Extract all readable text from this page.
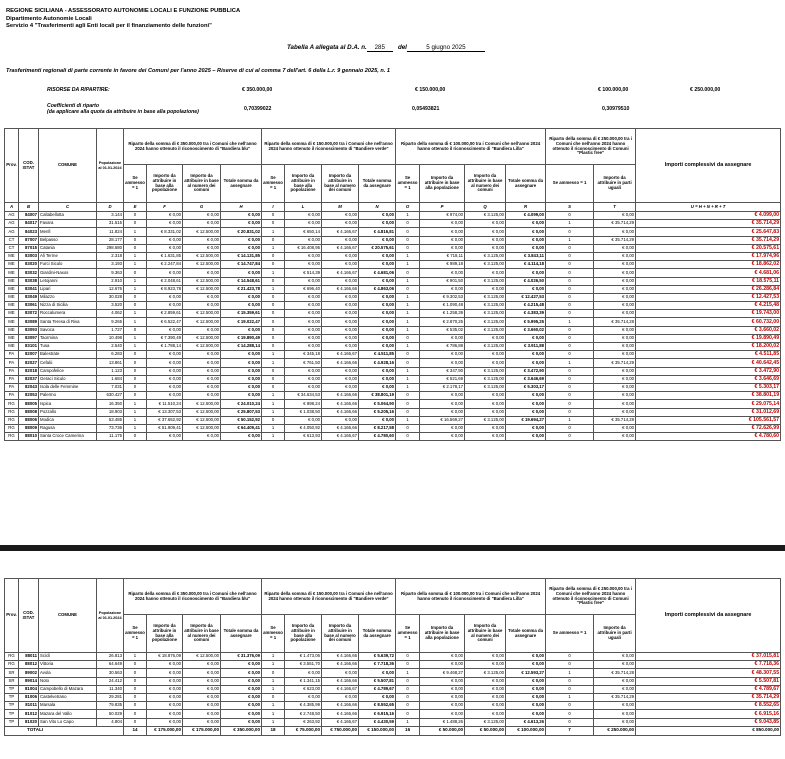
REGIONE SICILIANA - ASSESSORATO AUTONOMIE LOCALI E FUNZIONE PUBBLICA
Dipartimento Autonomie Locali
Servizio 4 "Trasferimenti agli Enti locali per il finanziamento delle funzioni"
Tabella A allegata al D.A. n. 285 del	5 giugno 2025
Trasferimenti regionali di parte corrente in favore dei Comuni per l'anno 2025 – Riserve di cui al comma 7 dell'art. 6 della L.r. 9 gennaio 2025, n. 1
RISORSE DA RIPARTIRE:	€ 350.000,00	€ 150.000,00	€ 100.000,00	€ 250.000,00
Coefficienti di riparto
(da applicare alla quota da attribuire in base alla popolazione)
0,70399022	0,05493821	0,30979510
Prov.	COD. ISTAT	COMUNE	Popolazione al 01.01.2024	Riparto della somma di € 350.000,00 tra i Comuni che nell'anno 2024 hanno ottenuto il riconoscimento di "Bandiera blu"				Riparto della somma di € 150.000,00 tra i Comuni che nell'anno 2024 hanno ottenuto il riconoscimento di "Bandiere verde"				Riparto della somma di € 100.000,00 tra i Comuni che nell'anno 2024 hanno ottenuto il riconoscimento di "Bandiera Lilla"				Riparto della somma di € 250.000,00 tra i Comuni che nell'anno 2024 hanno ottenuto il riconoscimento di Comuni "Plastic free"		Importi complessivi da assegnare
				Se ammesso = 1	Importo da attribuire in base alla popolazione	Importo da attribuire in base al numero dei comuni	Totale somma da assegnare	Se ammesso = 1	Importo da attribuire in base alla popolazione	Importo da attribuire in base al numero dei comuni	Totale somma da assegnare	Se ammesso = 1	Importo da attribuire in base alla popolazione	Importo da attribuire in base al numero dei comuni	Totale somma da assegnare	Se ammesso = 1	Importo da attribuire in parti uguali	
A	B	C	D	E	F	G	H	I	L	M	N	O	P	Q	R	S	T	U = H + N + R + T
AG	84007	Caltabellotta	3.144	0	€ 0,00	€ 0,00	€ 0,00	0	€ 0,00	€ 0,00	€ 0,00	1	€ 974,00	€ 3.125,00	€ 4.099,00	0	€ 0,00	€ 4.099,00
AG	84017	Favara	31.515	0	€ 0,00	€ 0,00	€ 0,00	0	€ 0,00	€ 0,00	€ 0,00	0	€ 0,00	€ 0,00	€ 0,00	1	€ 35.714,29	€ 35.714,29
AG	84023	Menfi	11.824	1	€ 8.331,02	€ 12.500,00	€ 20.831,02	1	€ 650,14	€ 4.166,67	€ 4.816,81	0	€ 0,00	€ 0,00	€ 0,00	0	€ 0,00	€ 25.647,83
CT	87007	Belpasso	28.177	0	€ 0,00	€ 0,00	€ 0,00	0	€ 0,00	€ 0,00	€ 0,00	0	€ 0,00	€ 0,00	€ 0,00	1	€ 35.714,29	€ 35.714,29
CT	87015	Catania	298.680	0	€ 0,00	€ 0,00	€ 0,00	1	€ 16.408,95	€ 4.166,67	€ 20.575,61	0	€ 0,00	€ 0,00	€ 0,00	0	€ 0,00	€ 20.575,61
ME	83003	Ali Terme	2.318	1	€ 1.631,85	€ 12.500,00	€ 14.131,85	0	€ 0,00	€ 0,00	€ 0,00	1	€ 718,11	€ 3.125,00	€ 3.843,11	0	€ 0,00	€ 17.974,96
ME	83020	Furci Siculo	3.193	1	€ 2.247,84	€ 12.500,00	€ 14.747,84	0	€ 0,00	€ 0,00	€ 0,00	1	€ 989,18	€ 3.125,00	€ 4.114,18	0	€ 0,00	€ 18.862,02
ME	83032	Giardini-Naxos	9.363	0	€ 0,00	€ 0,00	€ 0,00	1	€ 514,39	€ 4.166,67	€ 4.681,06	0	€ 0,00	€ 0,00	€ 0,00	0	€ 0,00	€ 4.681,06
ME	83038	Letojanni	2.910	1	€ 2.048,61	€ 12.500,00	€ 14.548,61	0	€ 0,00	€ 0,00	€ 0,00	1	€ 901,50	€ 3.125,00	€ 4.026,50	0	€ 0,00	€ 18.575,11
ME	83041	Lipari	12.676	1	€ 8.923,78	€ 12.500,00	€ 21.423,78	1	€ 696,40	€ 4.166,66	€ 4.863,06	0	€ 0,00	€ 0,00	€ 0,00	0	€ 0,00	€ 26.286,84
ME	83049	Milazzo	30.028	0	€ 0,00	€ 0,00	€ 0,00	0	€ 0,00	€ 0,00	€ 0,00	1	€ 9.302,53	€ 3.125,00	€ 12.427,53	0	€ 0,00	€ 12.427,53
ME	83061	Nizza di Sicilia	3.520	0	€ 0,00	€ 0,00	€ 0,00	0	€ 0,00	€ 0,00	€ 0,00	1	€ 1.090,48	€ 3.125,00	€ 4.215,48	0	€ 0,00	€ 4.215,48
ME	83072	Roccalumera	4.062	1	€ 2.859,61	€ 12.500,00	€ 15.359,61	0	€ 0,00	€ 0,00	€ 0,00	1	€ 1.258,39	€ 3.125,00	€ 4.383,39	0	€ 0,00	€ 19.743,00
ME	83089	Santa Teresa di Riva	9.265	1	€ 6.522,47	€ 12.500,00	€ 19.022,47	0	€ 0,00	€ 0,00	€ 0,00	1	€ 2.870,25	€ 3.125,00	€ 5.995,25	1	€ 35.714,28	€ 60.732,00
ME	83093	Savoca	1.727	0	€ 0,00	€ 0,00	€ 0,00	0	€ 0,00	€ 0,00	€ 0,00	1	€ 535,02	€ 3.125,00	€ 3.660,02	0	€ 0,00	€ 3.660,02
ME	83097	Taormina	10.498	1	€ 7.390,49	€ 12.500,00	€ 19.890,49	0	€ 0,00	€ 0,00	€ 0,00	0	€ 0,00	€ 0,00	€ 0,00	0	€ 0,00	€ 19.890,49
ME	83101	Tusa	2.540	1	€ 1.788,14	€ 12.500,00	€ 14.288,14	0	€ 0,00	€ 0,00	€ 0,00	1	€ 786,88	€ 3.125,00	€ 3.911,88	0	€ 0,00	€ 18.200,02
PA	82007	Balestrate	6.283	0	€ 0,00	€ 0,00	€ 0,00	1	€ 345,18	€ 4.166,67	€ 4.511,85	0	€ 0,00	€ 0,00	€ 0,00	0	€ 0,00	€ 4.511,85
PA	82027	Cefalù	13.861	0	€ 0,00	€ 0,00	€ 0,00	1	€ 761,50	€ 4.166,66	€ 4.928,16	0	€ 0,00	€ 0,00	€ 0,00	1	€ 35.714,29	€ 40.642,45
PA	82018	Campofelice	1.123	0	€ 0,00	€ 0,00	€ 0,00	0	€ 0,00	€ 0,00	€ 0,00	1	€ 347,90	€ 3.125,00	€ 3.472,90	0	€ 0,00	€ 3.472,90
PA	82037	Geraci Siculo	1.684	0	€ 0,00	€ 0,00	€ 0,00	0	€ 0,00	€ 0,00	€ 0,00	1	€ 521,69	€ 3.125,00	€ 3.646,69	0	€ 0,00	€ 3.646,69
PA	82043	Isola delle Femmine	7.031	0	€ 0,00	€ 0,00	€ 0,00	0	€ 0,00	€ 0,00	€ 0,00	1	€ 2.178,17	€ 3.125,00	€ 5.303,17	0	€ 0,00	€ 5.303,17
PA	82053	Palermo	630.427	0	€ 0,00	€ 0,00	€ 0,00	1	€ 34.634,53	€ 4.166,66	€ 38.801,19	0	€ 0,00	€ 0,00	€ 0,00	0	€ 0,00	€ 38.801,19
RG	88005	Ispica	16.350	1	€ 11.510,24	€ 12.500,00	€ 24.010,24	1	€ 898,24	€ 4.166,66	€ 5.064,90	0	€ 0,00	€ 0,00	€ 0,00	0	€ 0,00	€ 29.075,14
RG	88008	Pozzallo	18.903	1	€ 13.307,53	€ 12.500,00	€ 25.807,53	1	€ 1.038,50	€ 4.166,66	€ 5.205,16	0	€ 0,00	€ 0,00	€ 0,00	0	€ 0,00	€ 31.012,69
RG	88006	Modica	53.485	1	€ 37.652,92	€ 12.500,00	€ 50.152,92	0	€ 0,00	€ 0,00	€ 0,00	1	€ 16.569,27	€ 3.125,00	€ 19.694,27	1	€ 35.714,28	€ 105.561,57
RG	88009	Ragusa	73.736	1	€ 51.909,41	€ 12.500,00	€ 64.409,41	1	€ 4.050,92	€ 4.166,66	€ 8.217,58	0	€ 0,00	€ 0,00	€ 0,00	0	€ 0,00	€ 72.626,99
RG	88010	Santa Croce Camerina	11.175	0	€ 0,00	€ 0,00	€ 0,00	1	€ 613,93	€ 4.166,67	€ 4.780,60	0	€ 0,00	€ 0,00	€ 0,00	0	€ 0,00	€ 4.780,60
Prov.	COD. ISTAT	COMUNE	Popolazione al 01.01.2024	Riparto della somma di € 350.000,00 tra i Comuni che nell'anno 2024 hanno ottenuto il riconoscimento di "Bandiera blu"				Riparto della somma di € 150.000,00 tra i Comuni che nell'anno 2024 hanno ottenuto il riconoscimento di "Bandiere verde"				Riparto della somma di € 100.000,00 tra i Comuni che nell'anno 2024 hanno ottenuto il riconoscimento di "Bandiera Lilla"				Riparto della somma di € 250.000,00 tra i Comuni che nell'anno 2024 hanno ottenuto il riconoscimento di Comuni "Plastic free"		Importi complessivi da assegnare
				Se ammesso = 1	Importo da attribuire in base alla popolazione	Importo da attribuire in base al numero dei comuni	Totale somma da assegnare	Se ammesso = 1	Importo da attribuire in base alla popolazione	Importo da attribuire in base al numero dei comuni	Totale somma da assegnare	Se ammesso = 1	Importo da attribuire in base alla popolazione	Importo da attribuire in base al numero dei comuni	Totale somma da assegnare	Se ammesso = 1	Importo da attribuire in parti uguali	
RG	88011	Scicli	26.813	1	€ 18.876,09	€ 12.500,00	€ 31.376,09	1	€ 1.473,06	€ 4.166,66	€ 5.639,72	0	€ 0,00	€ 0,00	€ 0,00	0	€ 0,00	€ 37.015,81
RG	88012	Vittoria	64.649	0	€ 0,00	€ 0,00	€ 0,00	1	€ 3.551,70	€ 4.166,66	€ 7.718,36	0	€ 0,00	€ 0,00	€ 0,00	0	€ 0,00	€ 7.718,36
SR	89002	Avola	30.563	0	€ 0,00	€ 0,00	€ 0,00	0	€ 0,00	€ 0,00	€ 0,00	1	€ 9.468,27	€ 3.125,00	€ 12.593,27	1	€ 35.714,28	€ 48.307,55
SR	89014	Noto	24.412	0	€ 0,00	€ 0,00	€ 0,00	1	€ 1.341,15	€ 4.166,66	€ 5.507,81	0	€ 0,00	€ 0,00	€ 0,00	0	€ 0,00	€ 5.507,81
TP	81004	Campobello di Mazara	11.340	0	€ 0,00	€ 0,00	€ 0,00	1	€ 623,00	€ 4.166,67	€ 4.789,67	0	€ 0,00	€ 0,00	€ 0,00	0	€ 0,00	€ 4.789,67
TP	81006	Castelvetrano	29.281	0	€ 0,00	€ 0,00	€ 0,00	0	€ 0,00	€ 0,00	€ 0,00	0	€ 0,00	€ 0,00	€ 0,00	1	€ 35.714,29	€ 35.714,29
TP	81011	Marsala	79.835	0	€ 0,00	€ 0,00	€ 0,00	1	€ 4.385,99	€ 4.166,66	€ 8.552,65	0	€ 0,00	€ 0,00	€ 0,00	0	€ 0,00	€ 8.552,65
TP	81012	Mazara del Vallo	50.029	0	€ 0,00	€ 0,00	€ 0,00	1	€ 2.748,50	€ 4.166,66	€ 6.915,16	0	€ 0,00	€ 0,00	€ 0,00	0	€ 0,00	€ 6.915,16
TP	81020	San Vito Lo Capo	4.804	0	€ 0,00	€ 0,00	€ 0,00	1	€ 263,92	€ 4.166,67	€ 4.430,59	1	€ 1.488,26	€ 3.125,00	€ 4.613,26	0	€ 0,00	€ 9.043,85
TOTALI				14	€ 175.000,00	€ 175.000,00	€ 350.000,00	18	€ 75.000,00	€ 750.000,00	€ 150.000,00	16	€ 50.000,00	€ 50.000,00	€ 100.000,00	7	€ 250.000,00	€ 850.000,00
